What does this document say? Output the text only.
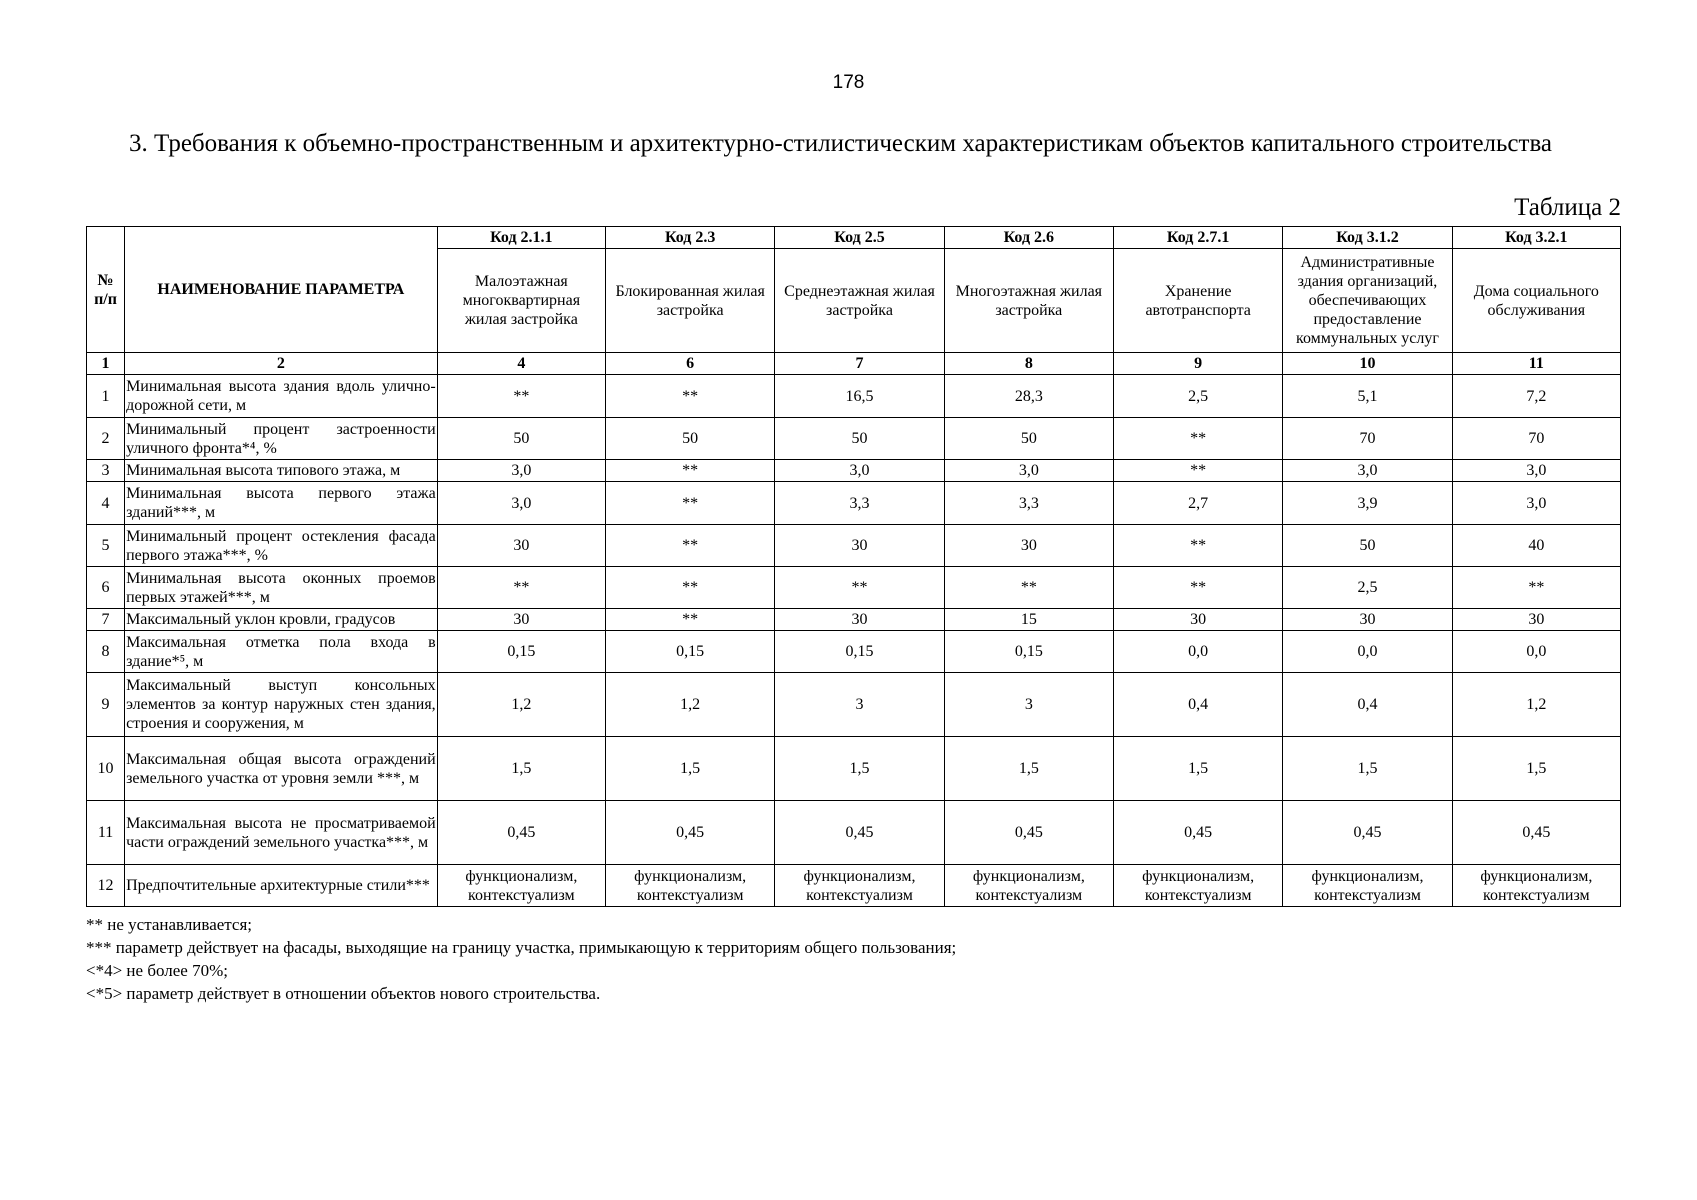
178
3. Требования к объемно-пространственным и архитектурно-стилистическим характеристикам объектов капитального строительства
Таблица 2
№ п/п	НАИМЕНОВАНИЕ ПАРАМЕТРА	Код 2.1.1	Код 2.3	Код 2.5	Код 2.6	Код 2.7.1	Код 3.1.2	Код 3.2.1
		Малоэтажная многоквартирная жилая застройка	Блокированная жилая застройка	Среднеэтажная жилая застройка	Многоэтажная жилая застройка	Хранение автотранспорта	Административные здания организаций, обеспечивающих предоставление коммунальных услуг	Дома социального обслуживания
1	2	4	6	7	8	9	10	11
1	Минимальная высота здания вдоль улично-дорожной сети, м	**	**	16,5	28,3	2,5	5,1	7,2
2	Минимальный процент застроенности уличного фронта*⁴, %	50	50	50	50	**	70	70
3	Минимальная высота типового этажа, м	3,0	**	3,0	3,0	**	3,0	3,0
4	Минимальная высота первого этажа зданий***, м	3,0	**	3,3	3,3	2,7	3,9	3,0
5	Минимальный процент остекления фасада первого этажа***, %	30	**	30	30	**	50	40
6	Минимальная высота оконных проемов первых этажей***, м	**	**	**	**	**	2,5	**
7	Максимальный уклон кровли, градусов	30	**	30	15	30	30	30
8	Максимальная отметка пола входа в здание*⁵, м	0,15	0,15	0,15	0,15	0,0	0,0	0,0
9	Максимальный выступ консольных элементов за контур наружных стен здания, строения и сооружения, м	1,2	1,2	3	3	0,4	0,4	1,2
10	Максимальная общая высота ограждений земельного участка от уровня земли ***, м	1,5	1,5	1,5	1,5	1,5	1,5	1,5
11	Максимальная высота не просматриваемой части ограждений земельного участка***, м	0,45	0,45	0,45	0,45	0,45	0,45	0,45
12	Предпочтительные архитектурные стили***	функционализм, контекстуализм	функционализм, контекстуализм	функционализм, контекстуализм	функционализм, контекстуализм	функционализм, контекстуализм	функционализм, контекстуализм	функционализм, контекстуализм
** не устанавливается;
*** параметр действует на фасады, выходящие на границу участка, примыкающую к территориям общего пользования;
<*4> не более 70%;
<*5> параметр действует в отношении объектов нового строительства.
